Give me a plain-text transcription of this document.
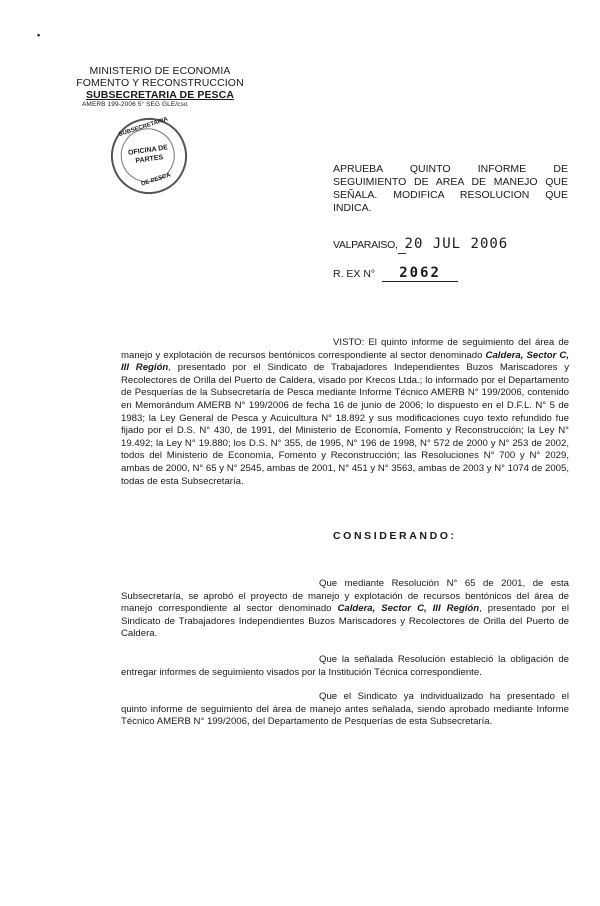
•
MINISTERIO DE ECONOMIA
FOMENTO Y RECONSTRUCCION
SUBSECRETARIA DE PESCA
AMERB 199-2006 5° SEG GLE/cso
SUBSECRETARIA
OFICINA DE
PARTES
DE PESCA
APRUEBA QUINTO INFORME DE SEGUIMIENTO DE AREA DE MANEJO QUE SEÑALA. MODIFICA RESOLUCION QUE INDICA.
VALPARAISO, 20 JUL 2006
R. EX N° 2062
VISTO: El quinto informe de seguimiento del área de manejo y explotación de recursos bentónicos correspondiente al sector denominado Caldera, Sector C, III Región, presentado por el Sindicato de Trabajadores Independientes Buzos Mariscadores y Recolectores de Orilla del Puerto de Caldera, visado por Krecos Ltda.; lo informado por el Departamento de Pesquerías de la Subsecretaría de Pesca mediante Informe Técnico AMERB N° 199/2006, contenido en Memorándum AMERB N° 199/2006 de fecha 16 de junio de 2006; lo dispuesto en el D.F.L. N° 5 de 1983; la Ley General de Pesca y Acuicultura N° 18.892 y sus modificaciones cuyo texto refundido fue fijado por el D.S. N° 430, de 1991, del Ministerio de Economía, Fomento y Reconstrucción; la Ley N° 19.492; la Ley N° 19.880; los D.S. N° 355, de 1995, N° 196 de 1998, N° 572 de 2000 y N° 253 de 2002, todos del Ministerio de Economía, Fomento y Reconstrucción; las Resoluciones N° 700 y N° 2029, ambas de 2000, N° 65 y N° 2545, ambas de 2001, N° 451 y N° 3563, ambas de 2003 y N° 1074 de 2005, todas de esta Subsecretaría.
CONSIDERANDO:
Que mediante Resolución N° 65 de 2001, de esta Subsecretaría, se aprobó el proyecto de manejo y explotación de recursos bentónicos del área de manejo correspondiente al sector denominado Caldera, Sector C, III Región, presentado por el Sindicato de Trabajadores Independientes Buzos Mariscadores y Recolectores de Orilla del Puerto de Caldera.
Que la señalada Resolución estableció la obligación de entregar informes de seguimiento visados por la Institución Técnica correspondiente.
Que el Sindicato ya individualizado ha presentado el quinto informe de seguimiento del área de manejo antes señalada, siendo aprobado mediante Informe Técnico AMERB N° 199/2006, del Departamento de Pesquerías de esta Subsecretaría.
